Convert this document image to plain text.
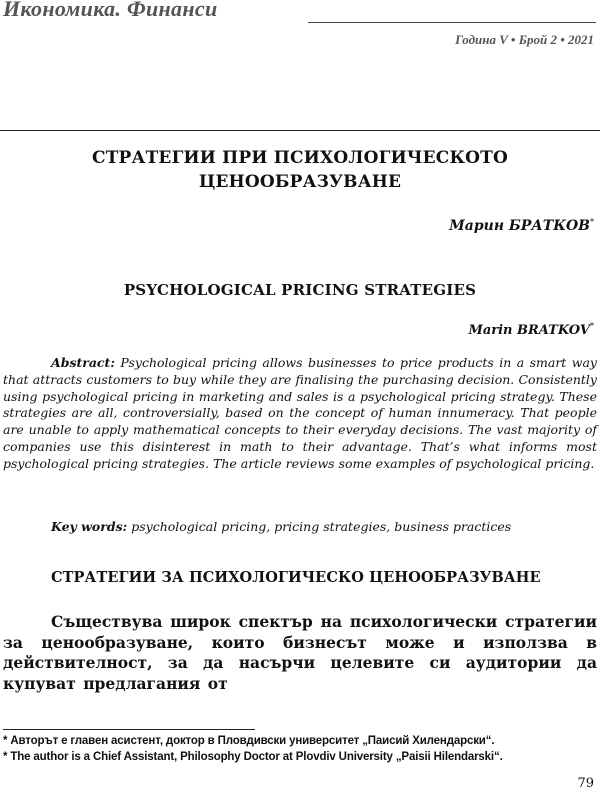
Икономика. Финанси
Година V • Брой 2 • 2021
СТРАТЕГИИ ПРИ ПСИХОЛОГИЧЕСКОТО
ЦЕНООБРАЗУВАНЕ
Марин БРАТКОВ*
PSYCHOLOGICAL PRICING STRATEGIES
Marin BRATKOV*
Abstract: Psychological pricing allows businesses to price products in a smart way that attracts customers to buy while they are finalising the purchasing decision. Consistently using psychological pricing in marketing and sales is a psychological pricing strategy. These strategies are all, controversially, based on the concept of human innumeracy. That people are unable to apply mathematical concepts to their everyday decisions. The vast majority of companies use this disinterest in math to their advantage. That’s what informs most psychological pricing strategies. The article reviews some examples of psychological pricing.
Key words: psychological pricing, pricing strategies, business practices
СТРАТЕГИИ ЗА ПСИХОЛОГИЧЕСКО ЦЕНООБРАЗУВАНЕ
Съществува широк спектър на психологически стратегии за ценообразуване, които бизнесът може и използва в действителност, за да насърчи целевите си аудитории да купуват предлагания от
* Авторът е главен асистент, доктор в Пловдивски университет „Паисий Хилендарски“.
* The author is a Chief Assistant, Philosophy Doctor at Plovdiv University „Paisii Hilendarski“.
79
